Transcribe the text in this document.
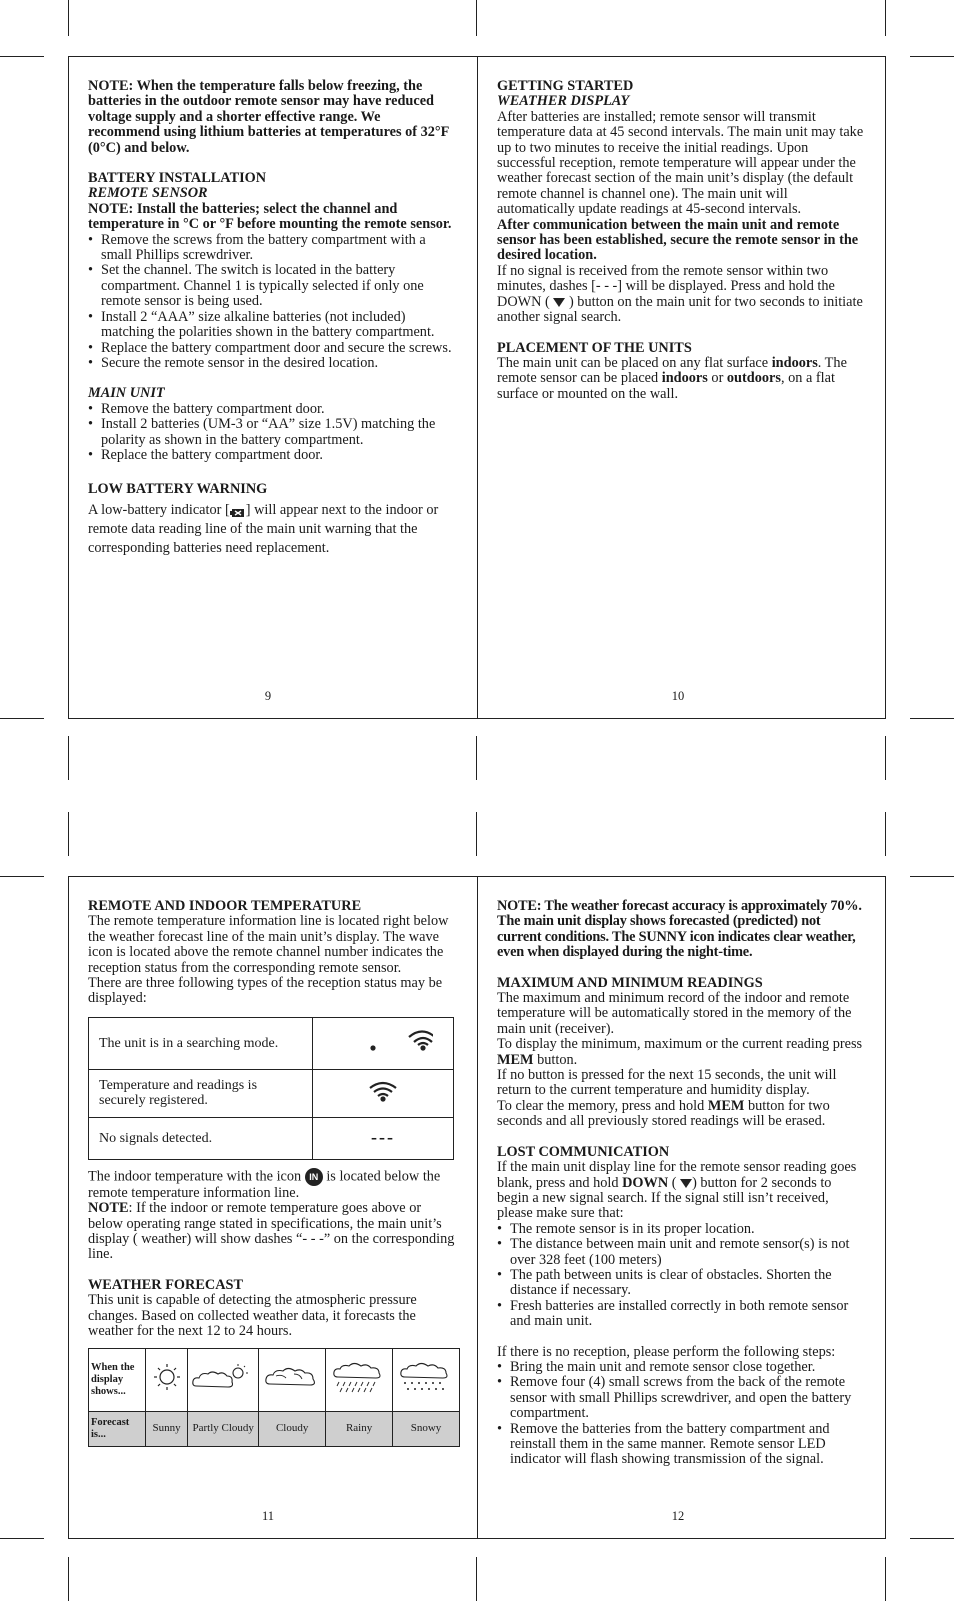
NOTE: When the temperature falls below freezing, the batteries in the outdoor remote sensor may have reduced voltage supply and a shorter effective range. We recommend using lithium batteries at temperatures of 32°F (0°C) and below.

BATTERY INSTALLATION
REMOTE SENSOR

NOTE: Install the batteries; select the channel and temperature in °C or °F before mounting the remote sensor.

• Remove the screws from the battery compartment with a small Phillips screwdriver.
• Set the channel. The switch is located in the battery compartment. Channel 1 is typically selected if only one remote sensor is being used.
• Install 2 “AAA” size alkaline batteries (not included) matching the polarities shown in the battery compartment.
• Replace the battery compartment door and secure the screws.
• Secure the remote sensor in the desired location.
MAIN UNIT
• Remove the battery compartment door.
• Install 2 batteries (UM-3 or “AA” size 1.5V) matching the polarity as shown in the battery compartment.
• Replace the battery compartment door.
LOW BATTERY WARNING

A low-battery indicator [ ] will appear next to the indoor or remote data reading line of the main unit warning that the corresponding batteries need replacement.

9
GETTING STARTED
WEATHER DISPLAY

After batteries are installed; remote sensor will transmit temperature data at 45 second intervals. The main unit may take up to two minutes to receive the initial readings. Upon successful reception, remote temperature will appear under the weather forecast section of the main unit’s display (the default remote channel is channel one). The main unit will automatically update readings at 45-second intervals.

After communication between the main unit and remote sensor has been established, secure the remote sensor in the desired location.

If no signal is received from the remote sensor within two minutes, dashes [- - -] will be displayed. Press and hold the DOWN ( ) button on the main unit for two seconds to initiate another signal search.

PLACEMENT OF THE UNITS

The main unit can be placed on any flat surface indoors. The remote sensor can be placed indoors or outdoors, on a flat surface or mounted on the wall.

10
REMOTE AND INDOOR TEMPERATURE

The remote temperature information line is located right below the weather forecast line of the main unit’s display. The wave icon is located above the remote channel number indicates the reception status from the corresponding remote sensor.

There are three following types of the reception status may be displayed:

The unit is in a searching mode.	
Temperature and readings is securely registered.	
No signals detected.	---

The indoor temperature with the icon IN is located below the remote temperature information line.

NOTE: If the indoor or remote temperature goes above or below operating range stated in specifications, the main unit’s display ( weather) will show dashes “- - -” on the corresponding line.

WEATHER FORECAST

This unit is capable of detecting the atmospheric pressure changes. Based on collected weather data, it forecasts the weather for the next 12 to 24 hours.

When the display shows...					
Forecast is...	Sunny	Partly Cloudy	Cloudy	Rainy	Snowy
11

NOTE: The weather forecast accuracy is approximately 70%. The main unit display shows forecasted (predicted) not current conditions. The SUNNY icon indicates clear weather, even when displayed during the night-time.

MAXIMUM AND MINIMUM READINGS

The maximum and minimum record of the indoor and remote temperature will be automatically stored in the memory of the main unit (receiver).

To display the minimum, maximum or the current reading press MEM button.

If no button is pressed for the next 15 seconds, the unit will return to the current temperature and humidity display.

To clear the memory, press and hold MEM button for two seconds and all previously stored readings will be erased.

LOST COMMUNICATION

If the main unit display line for the remote sensor reading goes blank, press and hold DOWN ( ) button for 2 seconds to begin a new signal search. If the signal still isn’t received, please make sure that:

• The remote sensor is in its proper location.
• The distance between main unit and remote sensor(s) is not over 328 feet (100 meters)
• The path between units is clear of obstacles. Shorten the distance if necessary.
• Fresh batteries are installed correctly in both remote sensor and main unit.

If there is no reception, please perform the following steps:

• Bring the main unit and remote sensor close together.
• Remove four (4) small screws from the back of the remote sensor with small Phillips screwdriver, and open the battery compartment.
• Remove the batteries from the battery compartment and reinstall them in the same manner. Remote sensor LED indicator will flash showing transmission of the signal.
12
